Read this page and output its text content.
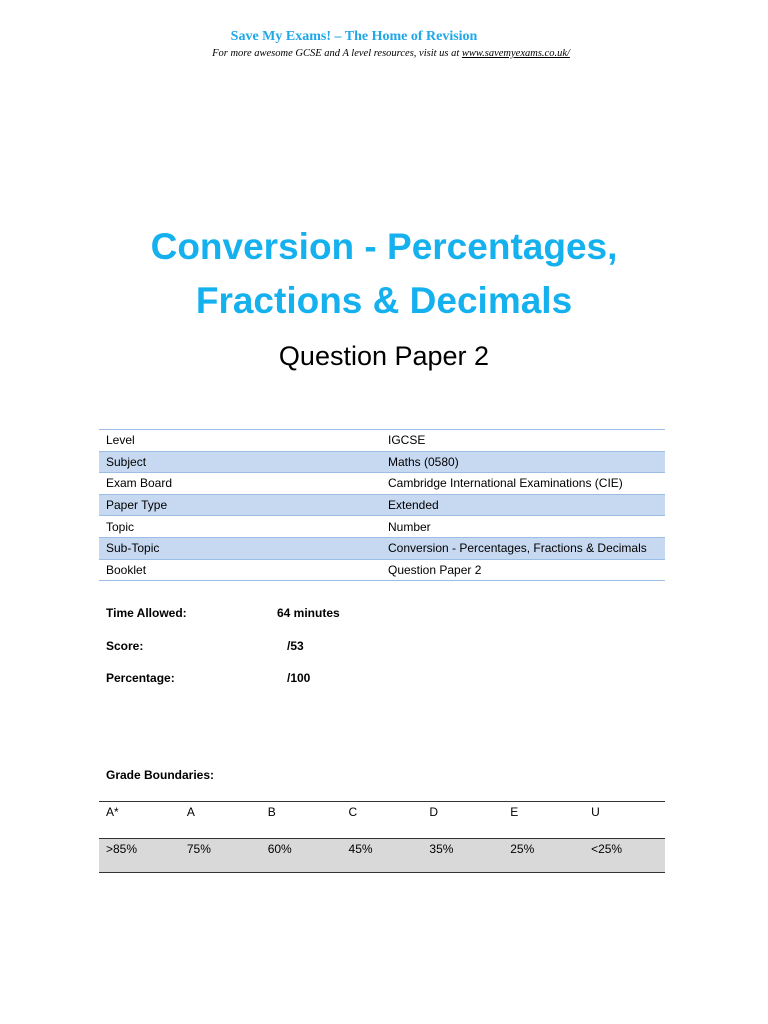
Save My Exams! – The Home of Revision
For more awesome GCSE and A level resources, visit us at www.savemyexams.co.uk/
Conversion - Percentages,
Fractions & Decimals
Question Paper 2
Level	IGCSE
Subject	Maths (0580)
Exam Board	Cambridge International Examinations (CIE)
Paper Type	Extended
Topic	Number
Sub-Topic	Conversion - Percentages, Fractions & Decimals
Booklet	Question Paper 2
Time Allowed:	64 minutes
Score:	/53
Percentage:	/100
Grade Boundaries:
A*	A	B	C	D	E	U
>85%	75%	60%	45%	35%	25%	<25%
